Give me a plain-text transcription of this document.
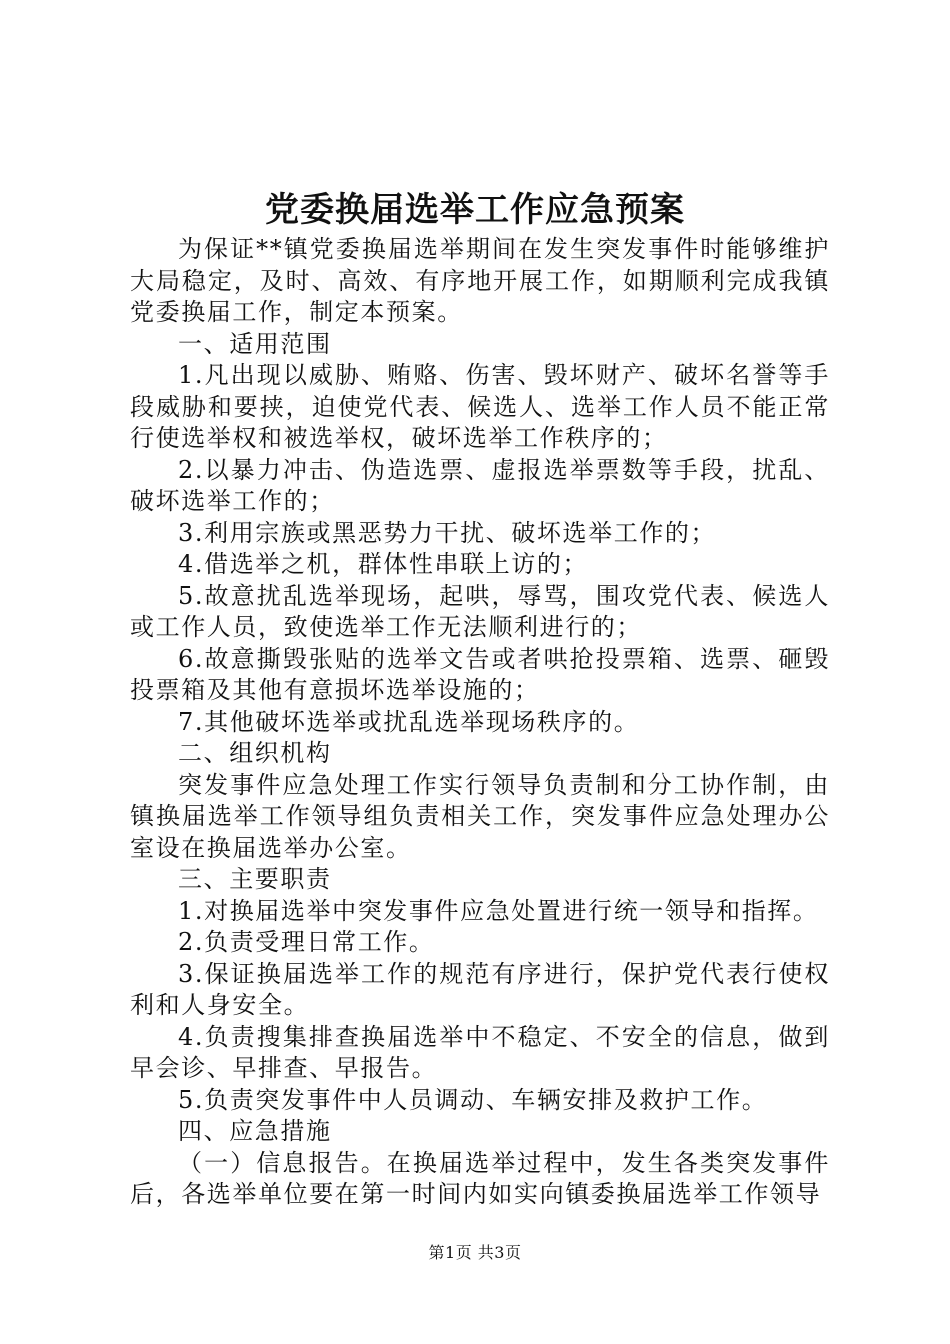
党委换届选举工作应急预案

为保证**镇党委换届选举期间在发生突发事件时能够维护大局稳定，及时、高效、有序地开展工作，如期顺利完成我镇党委换届工作，制定本预案。

一、适用范围

1.凡出现以威胁、贿赂、伤害、毁坏财产、破坏名誉等手段威胁和要挟，迫使党代表、候选人、选举工作人员不能正常行使选举权和被选举权，破坏选举工作秩序的；

2.以暴力冲击、伪造选票、虚报选举票数等手段，扰乱、破坏选举工作的；

3.利用宗族或黑恶势力干扰、破坏选举工作的；

4.借选举之机，群体性串联上访的；

5.故意扰乱选举现场，起哄，辱骂，围攻党代表、候选人或工作人员，致使选举工作无法顺利进行的；

6.故意撕毁张贴的选举文告或者哄抢投票箱、选票、砸毁投票箱及其他有意损坏选举设施的；

7.其他破坏选举或扰乱选举现场秩序的。

二、组织机构

突发事件应急处理工作实行领导负责制和分工协作制，由镇换届选举工作领导组负责相关工作，突发事件应急处理办公室设在换届选举办公室。

三、主要职责

1.对换届选举中突发事件应急处置进行统一领导和指挥。

2.负责受理日常工作。

3.保证换届选举工作的规范有序进行，保护党代表行使权利和人身安全。

4.负责搜集排查换届选举中不稳定、不安全的信息，做到早会诊、早排查、早报告。

5.负责突发事件中人员调动、车辆安排及救护工作。

四、应急措施

（一）信息报告。在换届选举过程中，发生各类突发事件后，各选举单位要在第一时间内如实向镇委换届选举工作领导

第1页 共3页
